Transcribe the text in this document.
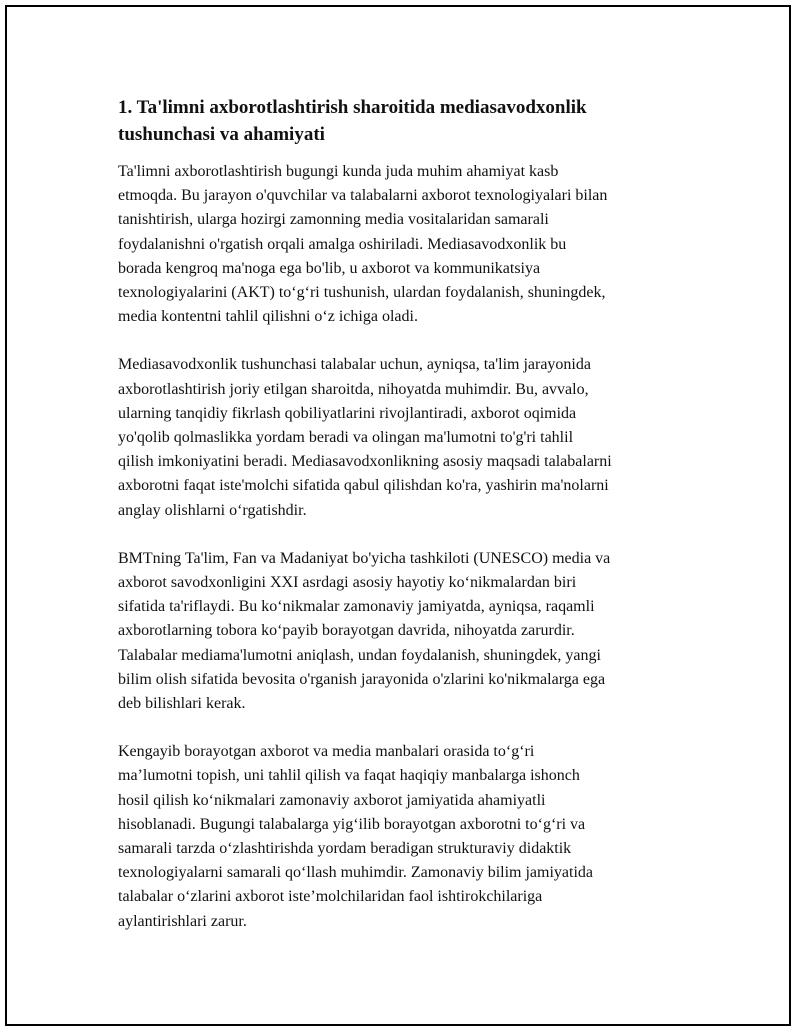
1. Ta'limni axborotlashtirish sharoitida mediasavodxonlik
tushunchasi va ahamiyati

Ta'limni axborotlashtirish bugungi kunda juda muhim ahamiyat kasb
etmoqda. Bu jarayon o'quvchilar va talabalarni axborot texnologiyalari bilan
tanishtirish, ularga hozirgi zamonning media vositalaridan samarali
foydalanishni o'rgatish orqali amalga oshiriladi. Mediasavodxonlik bu
borada kengroq ma'noga ega bo'lib, u axborot va kommunikatsiya
texnologiyalarini (AKT) to‘g‘ri tushunish, ulardan foydalanish, shuningdek,
media kontentni tahlil qilishni o‘z ichiga oladi.

Mediasavodxonlik tushunchasi talabalar uchun, ayniqsa, ta'lim jarayonida
axborotlashtirish joriy etilgan sharoitda, nihoyatda muhimdir. Bu, avvalo,
ularning tanqidiy fikrlash qobiliyatlarini rivojlantiradi, axborot oqimida
yo'qolib qolmaslikka yordam beradi va olingan ma'lumotni to'g'ri tahlil
qilish imkoniyatini beradi. Mediasavodxonlikning asosiy maqsadi talabalarni
axborotni faqat iste'molchi sifatida qabul qilishdan ko'ra, yashirin ma'nolarni
anglay olishlarni o‘rgatishdir.

BMTning Ta'lim, Fan va Madaniyat bo'yicha tashkiloti (UNESCO) media va
axborot savodxonligini XXI asrdagi asosiy hayotiy ko‘nikmalardan biri
sifatida ta'riflaydi. Bu ko‘nikmalar zamonaviy jamiyatda, ayniqsa, raqamli
axborotlarning tobora ko‘payib borayotgan davrida, nihoyatda zarurdir.
Talabalar mediama'lumotni aniqlash, undan foydalanish, shuningdek, yangi
bilim olish sifatida bevosita o'rganish jarayonida o'zlarini ko'nikmalarga ega
deb bilishlari kerak.

Kengayib borayotgan axborot va media manbalari orasida to‘g‘ri
ma’lumotni topish, uni tahlil qilish va faqat haqiqiy manbalarga ishonch
hosil qilish ko‘nikmalari zamonaviy axborot jamiyatida ahamiyatli
hisoblanadi. Bugungi talabalarga yig‘ilib borayotgan axborotni to‘g‘ri va
samarali tarzda o‘zlashtirishda yordam beradigan strukturaviy didaktik
texnologiyalarni samarali qo‘llash muhimdir. Zamonaviy bilim jamiyatida
talabalar o‘zlarini axborot iste’molchilaridan faol ishtirokchilariga
aylantirishlari zarur.
